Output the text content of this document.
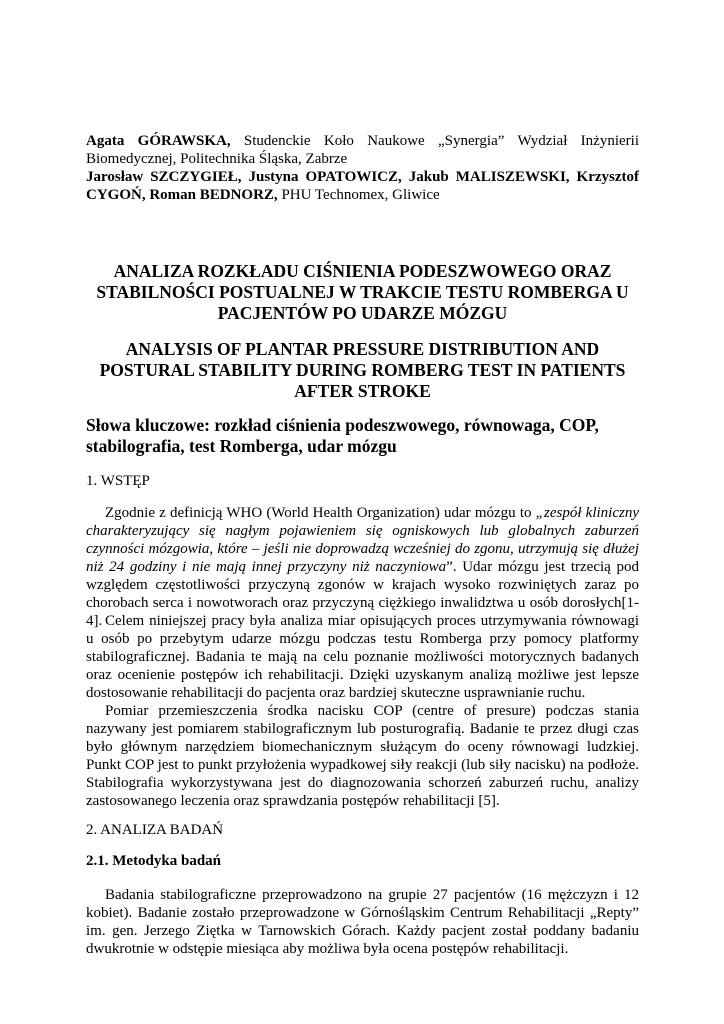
Agata GÓRAWSKA, Studenckie Koło Naukowe „Synergia” Wydział Inżynierii Biomedycznej, Politechnika Śląska, Zabrze
Jarosław SZCZYGIEŁ, Justyna OPATOWICZ, Jakub MALISZEWSKI, Krzysztof CYGOŃ, Roman BEDNORZ, PHU Technomex, Gliwice
ANALIZA ROZKŁADU CIŚNIENIA PODESZWOWEGO ORAZ STABILNOŚCI POSTUALNEJ W TRAKCIE TESTU ROMBERGA U PACJENTÓW PO UDARZE MÓZGU
ANALYSIS OF PLANTAR PRESSURE DISTRIBUTION AND POSTURAL STABILITY DURING ROMBERG TEST IN PATIENTS AFTER STROKE
Słowa kluczowe: rozkład ciśnienia podeszwowego, równowaga, COP, stabilografia, test Romberga, udar mózgu
1. WSTĘP
Zgodnie z definicją WHO (World Health Organization) udar mózgu to „zespół kliniczny charakteryzujący się nagłym pojawieniem się ogniskowych lub globalnych zaburzeń czynności mózgowia, które – jeśli nie doprowadzą wcześniej do zgonu, utrzymują się dłużej niż 24 godziny i nie mają innej przyczyny niż naczyniowa”. Udar mózgu jest trzecią pod względem częstotliwości przyczyną zgonów w krajach wysoko rozwiniętych zaraz po chorobach serca i nowotworach oraz przyczyną ciężkiego inwalidztwa u osób dorosłych[1-4]. Celem niniejszej pracy była analiza miar opisujących proces utrzymywania równowagi u osób po przebytym udarze mózgu podczas testu Romberga przy pomocy platformy stabilograficznej. Badania te mają na celu poznanie możliwości motorycznych badanych oraz ocenienie postępów ich rehabilitacji. Dzięki uzyskanym analizą możliwe jest lepsze dostosowanie rehabilitacji do pacjenta oraz bardziej skuteczne usprawnianie ruchu.
Pomiar przemieszczenia środka nacisku COP (centre of presure) podczas stania nazywany jest pomiarem stabilograficznym lub posturografią. Badanie te przez długi czas było głównym narzędziem biomechanicznym służącym do oceny równowagi ludzkiej. Punkt COP jest to punkt przyłożenia wypadkowej siły reakcji (lub siły nacisku) na podłoże. Stabilografia wykorzystywana jest do diagnozowania schorzeń zaburzeń ruchu, analizy zastosowanego leczenia oraz sprawdzania postępów rehabilitacji [5].
2. ANALIZA BADAŃ
2.1. Metodyka badań
Badania stabilograficzne przeprowadzono na grupie 27 pacjentów (16 mężczyzn i 12 kobiet). Badanie zostało przeprowadzone w Górnośląskim Centrum Rehabilitacji „Repty” im. gen. Jerzego Ziętka w Tarnowskich Górach. Każdy pacjent został poddany badaniu dwukrotnie w odstępie miesiąca aby możliwa była ocena postępów rehabilitacji.
